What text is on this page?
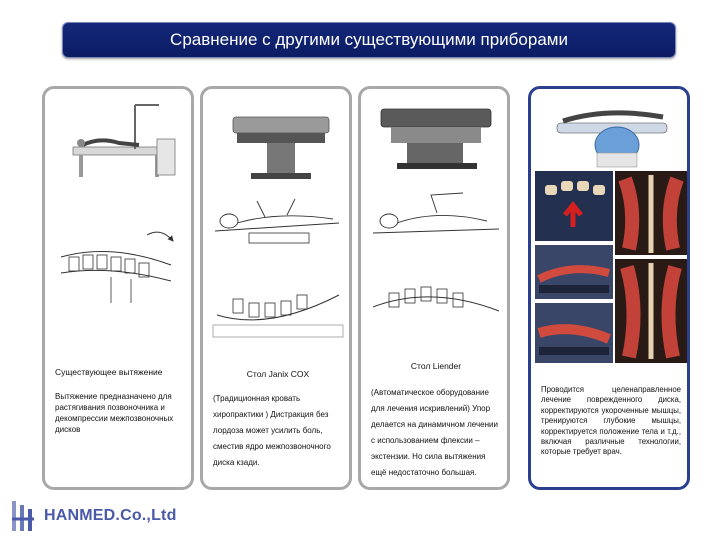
Сравнение с другими существующими приборами
Существующее вытяжение
Вытяжение предназначено для растягивания позвоночника и декомпрессии межпозвоночных дисков
Стол Janix COX
(Традиционная кровать хиропрактики ) Дистракция без лордоза может усилить боль, сместив ядро межпозвоночного диска кзади.
Стол Liender
(Автоматическое оборудование для лечения искривлений) Упор делается на динамичном лечении с использованием флексии – экстензии. Но сила вытяжения ещё недостаточно большая.
Проводится целенаправленное лечение поврежденного диска, корректируются укороченные мышцы, тренируются глубокие мышцы, корректируется положение тела и т.д., включая различные технологии, которые требует врач.
HANMED.Co.,Ltd
